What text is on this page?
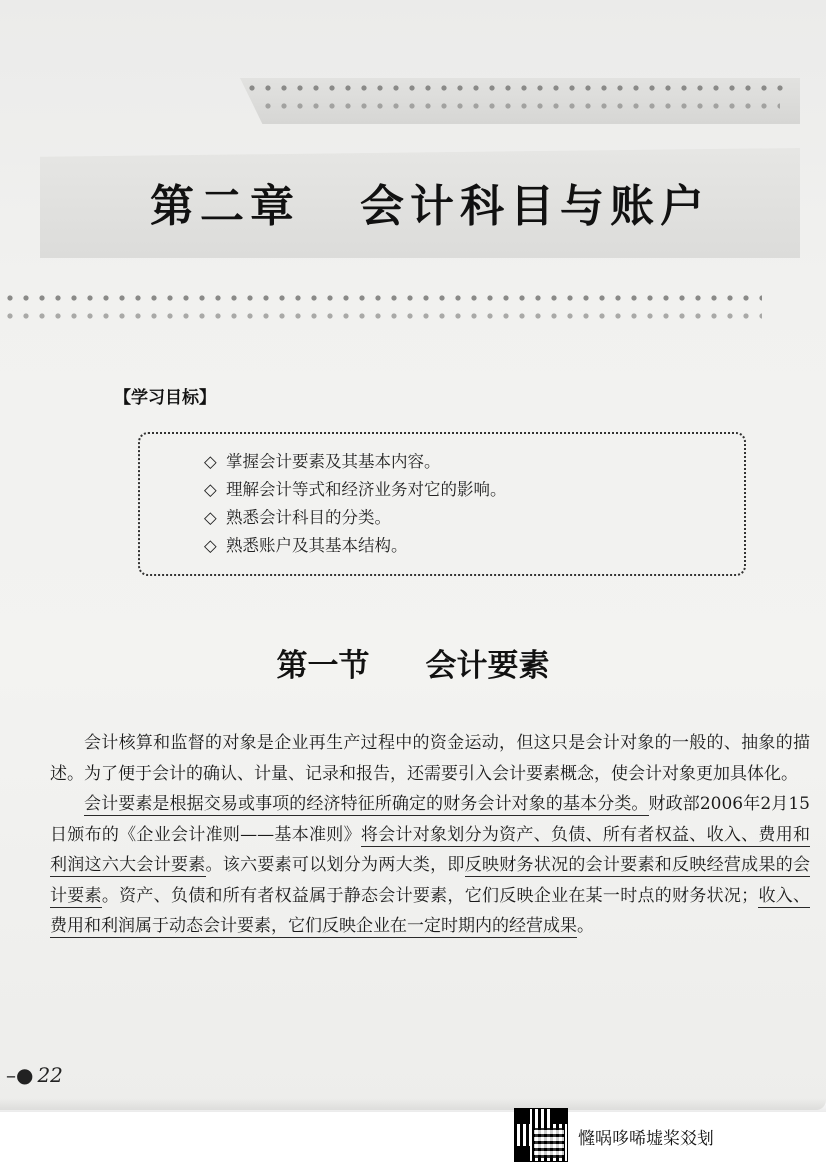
第二章 会计科目与账户
【学习目标】
◇ 掌握会计要素及其基本内容。
◇ 理解会计等式和经济业务对它的影响。
◇ 熟悉会计科目的分类。
◇ 熟悉账户及其基本结构。
第一节 会计要素

会计核算和监督的对象是企业再生产过程中的资金运动，但这只是会计对象的一般的、抽象的描述。为了便于会计的确认、计量、记录和报告，还需要引入会计要素概念，使会计对象更加具体化。

会计要素是根据交易或事项的经济特征所确定的财务会计对象的基本分类。财政部2006年2月15日颁布的《企业会计准则——基本准则》将会计对象划分为资产、负债、所有者权益、收入、费用和利润这六大会计要素。该六要素可以划分为两大类，即反映财务状况的会计要素和反映经营成果的会计要素。资产、负债和所有者权益属于静态会计要素，它们反映企业在某一时点的财务状况；收入、费用和利润属于动态会计要素，它们反映企业在一定时期内的经营成果。

–● 22
㦕㖞哆唏墟桨㸚刬
